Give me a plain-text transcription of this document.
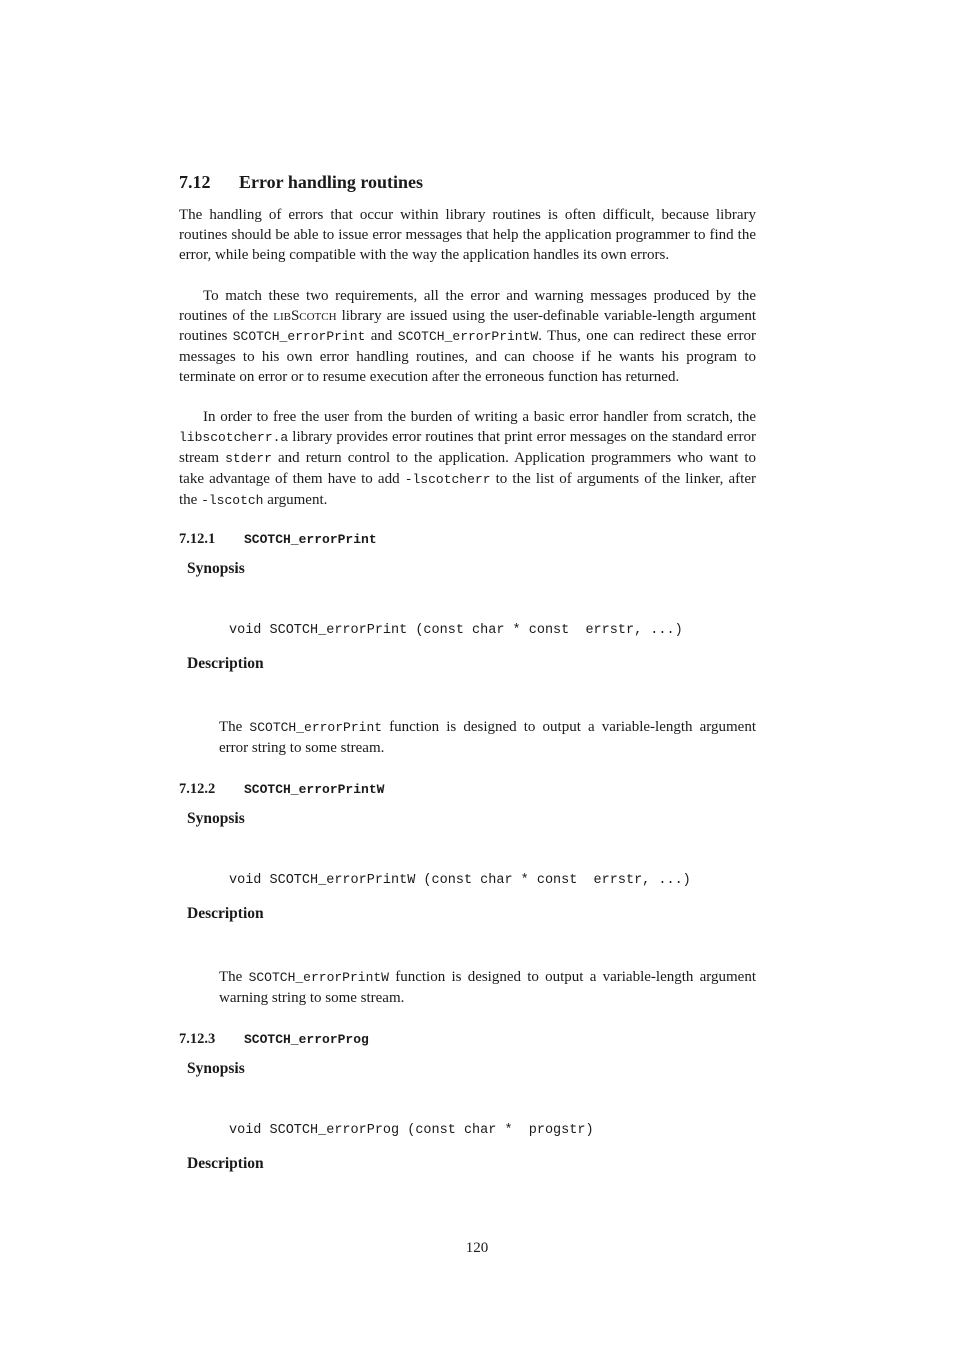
7.12 Error handling routines

The handling of errors that occur within library routines is often difficult, because library routines should be able to issue error messages that help the application programmer to find the error, while being compatible with the way the application handles its own errors.

To match these two requirements, all the error and warning messages produced by the routines of the libScotch library are issued using the user-definable variable-length argument routines SCOTCH_errorPrint and SCOTCH_errorPrintW. Thus, one can redirect these error messages to his own error handling routines, and can choose if he wants his program to terminate on error or to resume execution after the erroneous function has returned.

In order to free the user from the burden of writing a basic error handler from scratch, the libscotcherr.a library provides error routines that print error messages on the standard error stream stderr and return control to the application. Application programmers who want to take advantage of them have to add -lscotcherr to the list of arguments of the linker, after the -lscotch argument.

7.12.1 SCOTCH_errorPrint
Synopsis
void SCOTCH_errorPrint (const char * const  errstr, ...)
Description

The SCOTCH_errorPrint function is designed to output a variable-length argument error string to some stream.

7.12.2 SCOTCH_errorPrintW
Synopsis
void SCOTCH_errorPrintW (const char * const  errstr, ...)
Description

The SCOTCH_errorPrintW function is designed to output a variable-length argument warning string to some stream.

7.12.3 SCOTCH_errorProg
Synopsis
void SCOTCH_errorProg (const char *  progstr)
Description
120
